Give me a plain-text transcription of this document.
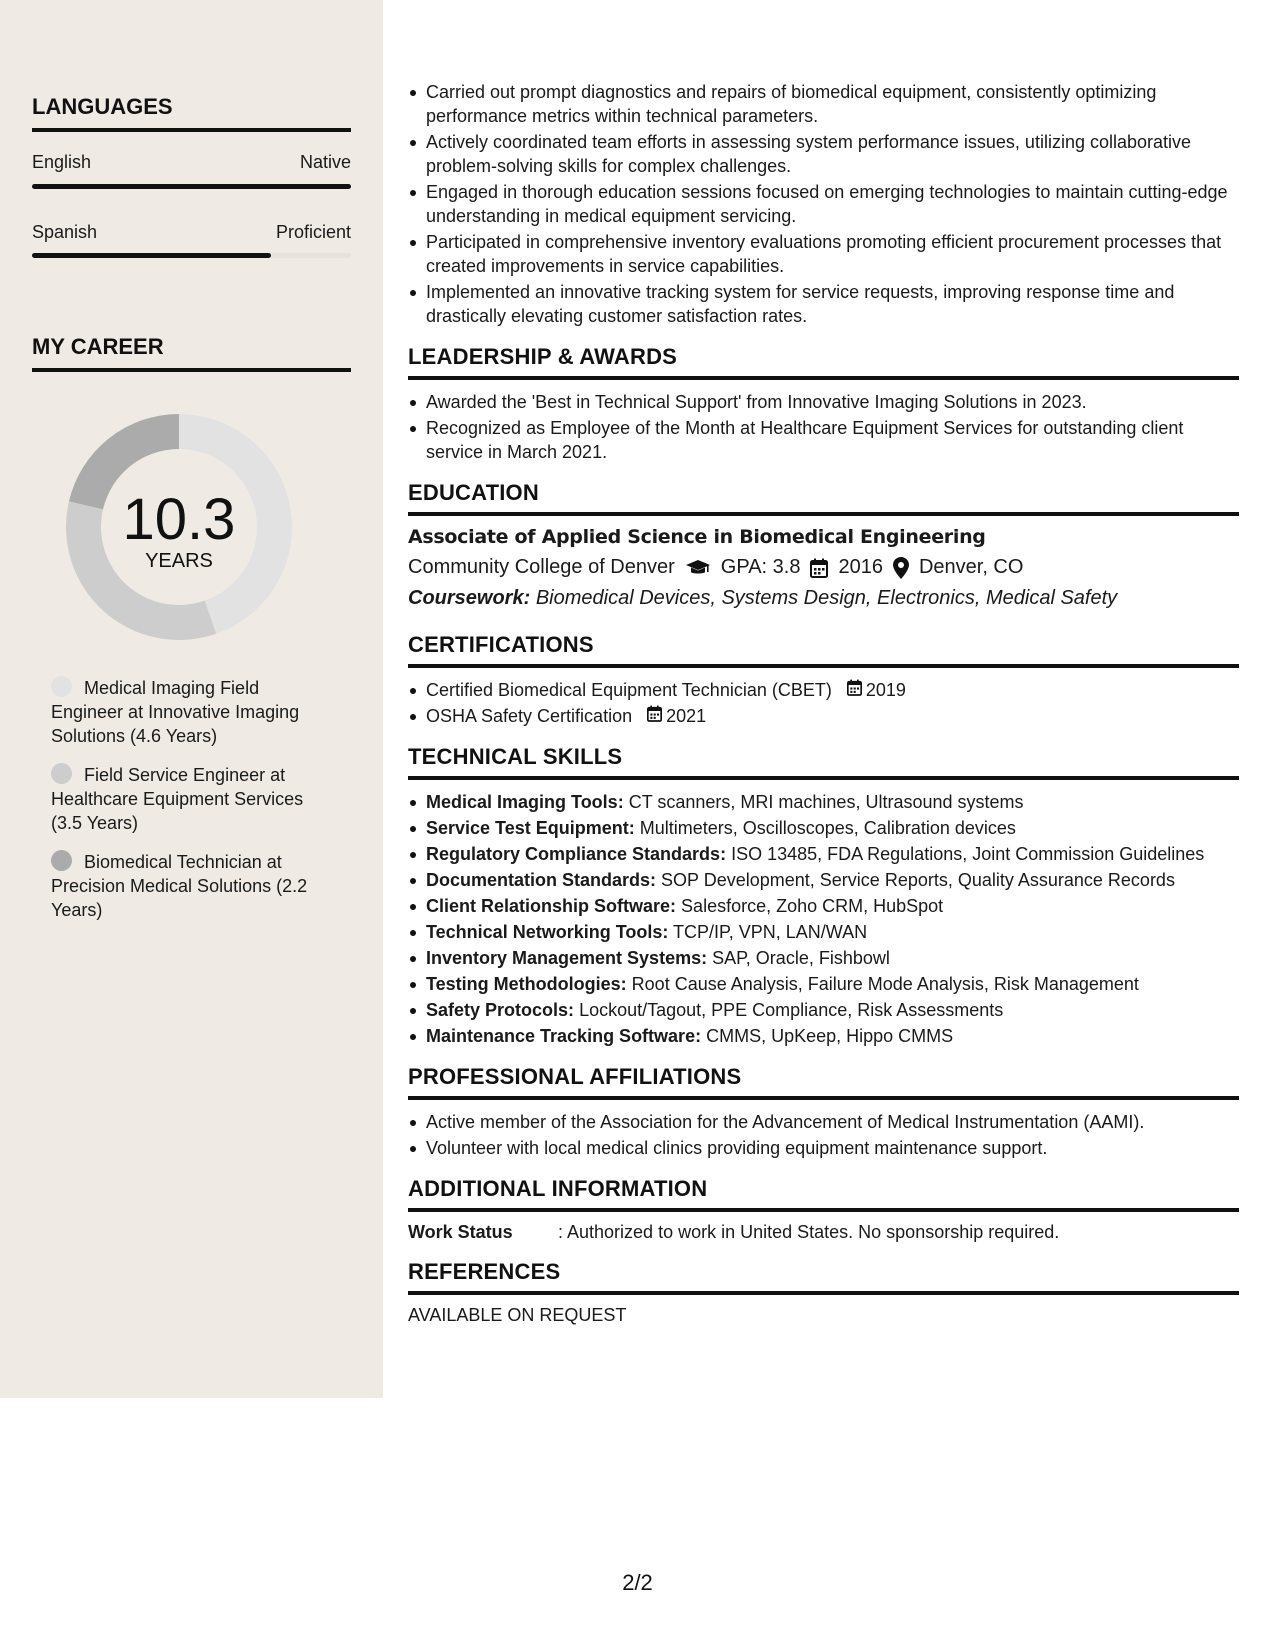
LANGUAGES
English	Native
Spanish	Proficient
MY CAREER
10.3
YEARS
Medical Imaging Field Engineer at Innovative Imaging Solutions (4.6 Years)
Field Service Engineer at Healthcare Equipment Services (3.5 Years)
Biomedical Technician at Precision Medical Solutions (2.2 Years)
Carried out prompt diagnostics and repairs of biomedical equipment, consistently optimizing performance metrics within technical parameters.
Actively coordinated team efforts in assessing system performance issues, utilizing collaborative problem-solving skills for complex challenges.
Engaged in thorough education sessions focused on emerging technologies to maintain cutting-edge understanding in medical equipment servicing.
Participated in comprehensive inventory evaluations promoting efficient procurement processes that created improvements in service capabilities.
Implemented an innovative tracking system for service requests, improving response time and drastically elevating customer satisfaction rates.
LEADERSHIP & AWARDS
Awarded the 'Best in Technical Support' from Innovative Imaging Solutions in 2023.
Recognized as Employee of the Month at Healthcare Equipment Services for outstanding client service in March 2021.
EDUCATION
Associate of Applied Science in Biomedical Engineering
Community College of Denver GPA: 3.8 2016 Denver, CO
Coursework: Biomedical Devices, Systems Design, Electronics, Medical Safety
CERTIFICATIONS
Certified Biomedical Equipment Technician (CBET) 2019
OSHA Safety Certification 2021
TECHNICAL SKILLS
Medical Imaging Tools: CT scanners, MRI machines, Ultrasound systems
Service Test Equipment: Multimeters, Oscilloscopes, Calibration devices
Regulatory Compliance Standards: ISO 13485, FDA Regulations, Joint Commission Guidelines
Documentation Standards: SOP Development, Service Reports, Quality Assurance Records
Client Relationship Software: Salesforce, Zoho CRM, HubSpot
Technical Networking Tools: TCP/IP, VPN, LAN/WAN
Inventory Management Systems: SAP, Oracle, Fishbowl
Testing Methodologies: Root Cause Analysis, Failure Mode Analysis, Risk Management
Safety Protocols: Lockout/Tagout, PPE Compliance, Risk Assessments
Maintenance Tracking Software: CMMS, UpKeep, Hippo CMMS
PROFESSIONAL AFFILIATIONS
Active member of the Association for the Advancement of Medical Instrumentation (AAMI).
Volunteer with local medical clinics providing equipment maintenance support.
ADDITIONAL INFORMATION
Work Status	: Authorized to work in United States. No sponsorship required.
REFERENCES
AVAILABLE ON REQUEST
2/2
